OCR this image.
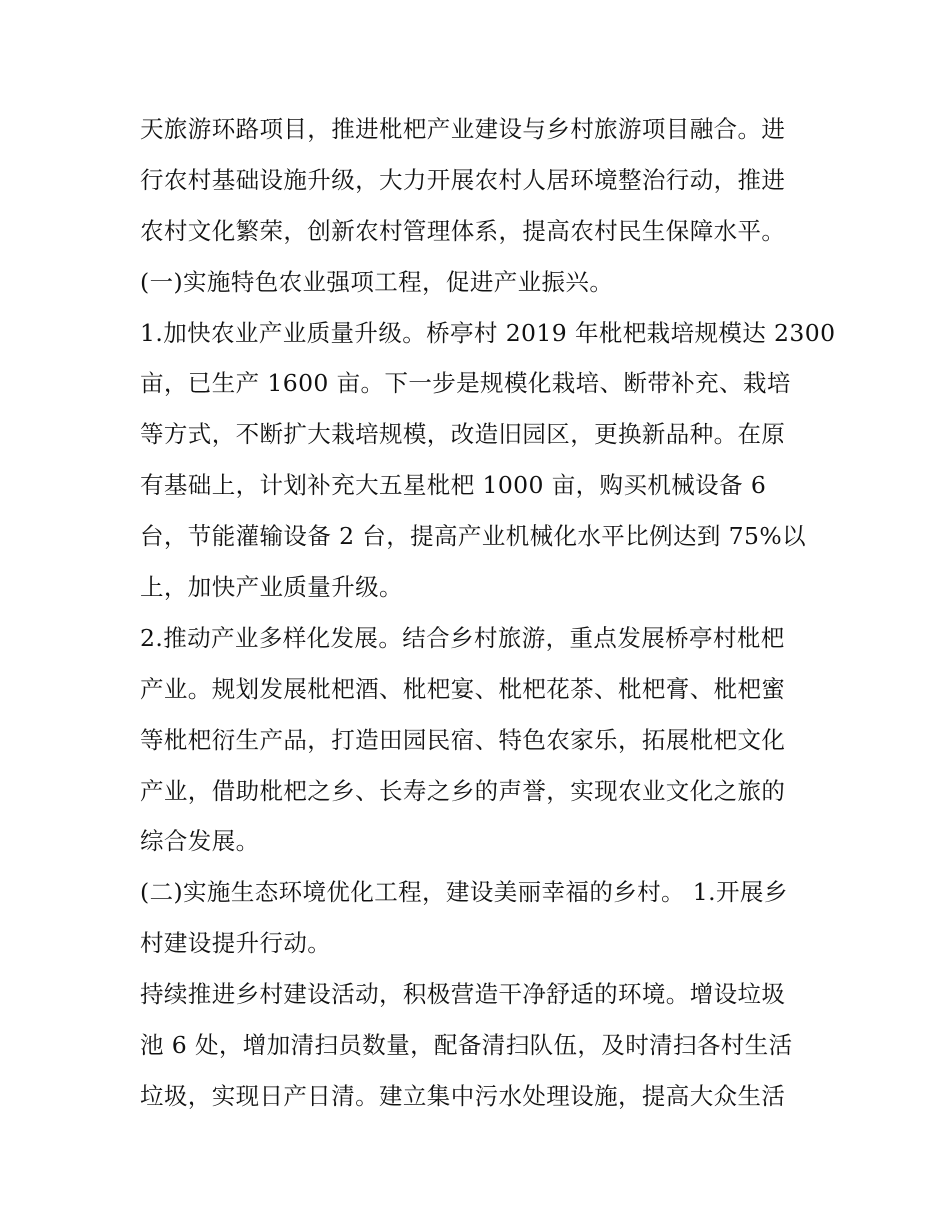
天旅游环路项目，推进枇杷产业建设与乡村旅游项目融合。进
行农村基础设施升级，大力开展农村人居环境整治行动，推进
农村文化繁荣，创新农村管理体系，提高农村民生保障水平。
(一)实施特色农业强项工程，促进产业振兴。
1.加快农业产业质量升级。桥亭村 2019 年枇杷栽培规模达 2300
亩，已生产 1600 亩。下一步是规模化栽培、断带补充、栽培
等方式，不断扩大栽培规模，改造旧园区，更换新品种。在原
有基础上，计划补充大五星枇杷 1000 亩，购买机械设备 6
台，节能灌输设备 2 台，提高产业机械化水平比例达到 75%以
上，加快产业质量升级。
2.推动产业多样化发展。结合乡村旅游，重点发展桥亭村枇杷
产业。规划发展枇杷酒、枇杷宴、枇杷花茶、枇杷膏、枇杷蜜
等枇杷衍生产品，打造田园民宿、特色农家乐，拓展枇杷文化
产业，借助枇杷之乡、长寿之乡的声誉，实现农业文化之旅的
综合发展。
(二)实施生态环境优化工程，建设美丽幸福的乡村。 1.开展乡
村建设提升行动。
持续推进乡村建设活动，积极营造干净舒适的环境。增设垃圾
池 6 处，增加清扫员数量，配备清扫队伍，及时清扫各村生活
垃圾，实现日产日清。建立集中污水处理设施，提高大众生活
